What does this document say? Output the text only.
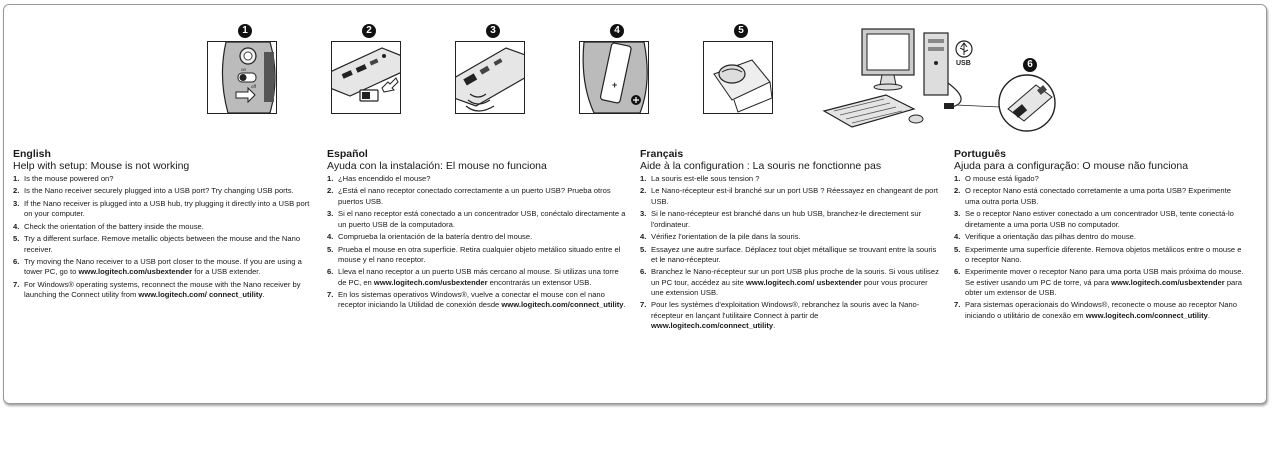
1	2	3	4	5
6
on
off	+
USB
English
Help with setup: Mouse is not working
1. Is the mouse powered on?
2. Is the Nano receiver securely plugged into a USB port? Try changing USB ports.
3. If the Nano receiver is plugged into a USB hub, try plugging it directly into a USB port on your computer.
4. Check the orientation of the battery inside the mouse.
5. Try a different surface. Remove metallic objects between the mouse and the Nano receiver.
6. Try moving the Nano receiver to a USB port closer to the mouse. If you are using a tower PC, go to www.logitech.com/usbextender for a USB extender.
7. For Windows® operating systems, reconnect the mouse with the Nano receiver by launching the Connect utility from www.logitech.com/ connect_utility.
Español
Ayuda con la instalación: El mouse no funciona
1. ¿Has encendido el mouse?
2. ¿Está el nano receptor conectado correctamente a un puerto USB? Prueba otros puertos USB.
3. Si el nano receptor está conectado a un concentrador USB, conéctalo directamente a un puerto USB de la computadora.
4. Comprueba la orientación de la batería dentro del mouse.
5. Prueba el mouse en otra superficie. Retira cualquier objeto metálico situado entre el mouse y el nano receptor.
6. Lleva el nano receptor a un puerto USB más cercano al mouse. Si utilizas una torre de PC, en www.logitech.com/usbextender encontrarás un extensor USB.
7. En los sistemas operativos Windows®, vuelve a conectar el mouse con el nano receptor iniciando la Utilidad de conexión desde www.logitech.com/connect_utility.
Français
Aide à la configuration : La souris ne fonctionne pas
1. La souris est-elle sous tension ?
2. Le Nano-récepteur est-il branché sur un port USB ? Réessayez en changeant de port USB.
3. Si le nano-récepteur est branché dans un hub USB, branchez-le directement sur l'ordinateur.
4. Vérifiez l'orientation de la pile dans la souris.
5. Essayez une autre surface. Déplacez tout objet métallique se trouvant entre la souris et le nano-récepteur.
6. Branchez le Nano-récepteur sur un port USB plus proche de la souris. Si vous utilisez un PC tour, accédez au site www.logitech.com/ usbextender pour vous procurer une extension USB.
7. Pour les systèmes d'exploitation Windows®, rebranchez la souris avec la Nano-récepteur en lançant l'utilitaire Connect à partir de www.logitech.com/connect_utility.
Português
Ajuda para a configuração: O mouse não funciona
1. O mouse está ligado?
2. O receptor Nano está conectado corretamente a uma porta USB? Experimente uma outra porta USB.
3. Se o receptor Nano estiver conectado a um concentrador USB, tente conectá-lo diretamente a uma porta USB no computador.
4. Verifique a orientação das pilhas dentro do mouse.
5. Experimente uma superfície diferente. Remova objetos metálicos entre o mouse e o receptor Nano.
6. Experimente mover o receptor Nano para uma porta USB mais próxima do mouse. Se estiver usando um PC de torre, vá para www.logitech.com/usbextender para obter um extensor de USB.
7. Para sistemas operacionais do Windows®, reconecte o mouse ao receptor Nano iniciando o utilitário de conexão em www.logitech.com/connect_utility.
